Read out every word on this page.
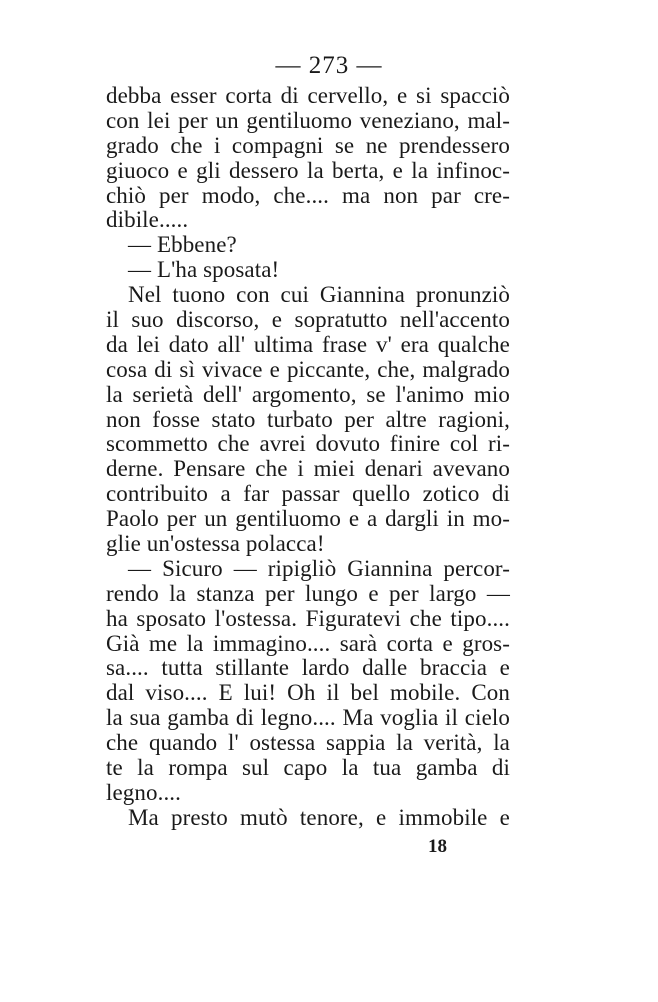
— 273 —
debba esser corta di cervello, e si spacciò
con lei per un gentiluomo veneziano, mal-
grado che i compagni se ne prendessero
giuoco e gli dessero la berta, e la infinoc-
chiò per modo, che.... ma non par cre-
dibile.....
— Ebbene?
— L'ha sposata!
Nel tuono con cui Giannina pronunziò
il suo discorso, e sopratutto nell'accento
da lei dato all' ultima frase v' era qualche
cosa di sì vivace e piccante, che, malgrado
la serietà dell' argomento, se l'animo mio
non fosse stato turbato per altre ragioni,
scommetto che avrei dovuto finire col ri-
derne. Pensare che i miei denari avevano
contribuito a far passar quello zotico di
Paolo per un gentiluomo e a dargli in mo-
glie un'ostessa polacca!
— Sicuro — ripigliò Giannina percor-
rendo la stanza per lungo e per largo —
ha sposato l'ostessa. Figuratevi che tipo....
Già me la immagino.... sarà corta e gros-
sa.... tutta stillante lardo dalle braccia e
dal viso.... E lui! Oh il bel mobile. Con
la sua gamba di legno.... Ma voglia il cielo
che quando l' ostessa sappia la verità, la
te la rompa sul capo la tua gamba di
legno....
Ma presto mutò tenore, e immobile e
18
